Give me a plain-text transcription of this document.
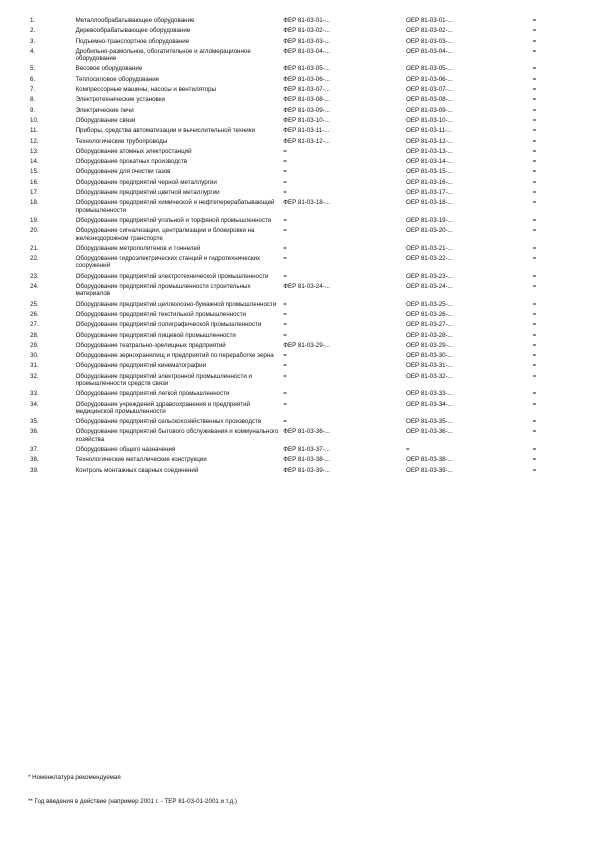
1.	Металлообрабатывающее оборудование	ФЕР 81-03-01-...	ОЕР 81-03-01-...	=
2.	Деревообрабатывающее оборудование	ФЕР 81-03-02-...	ОЕР 81-03-02-...	=
3.	Подъемно-транспортное оборудование	ФЕР 81-03-03-...	ОЕР 81-03-03-...	=
4.	Дробильно-размольное, обогатительное и агломерационное оборудование	ФЕР 81-03-04-...	ОЕР 81-03-04-...	=
5.	Весовое оборудование	ФЕР 81-03-05-...	ОЕР 81-03-05-...	=
6.	Теплосиловое оборудование	ФЕР 81-03-06-...	ОЕР 81-03-06-...	=
7.	Компрессорные машины, насосы и вентиляторы	ФЕР 81-03-07-...	ОЕР 81-03-07-...	=
8.	Электротехнические установки	ФЕР 81-03-08-...	ОЕР 81-03-08-...	=
9.	Электрические печи	ФЕР 81-03-09-...	ОЕР 81-03-09-...	=
10.	Оборудование связи	ФЕР 81-03-10-...	ОЕР 81-03-10-...	=
11.	Приборы, средства автоматизации и вычислительной техники	ФЕР 81-03-11-...	ОЕР 81-03-11-...	=
12.	Технологические трубопроводы	ФЕР 81-03-12-...	ОЕР 81-03-12-...	=
13.	Оборудование атомных электростанций	=	ОЕР 81-03-13-...	=
14.	Оборудование прокатных производств	=	ОЕР 81-03-14-...	=
15.	Оборудование для очистки газов	=	ОЕР 81-03-15-...	=
16.	Оборудование предприятий черной металлургии	=	ОЕР 81-03-16-...	=
17.	Оборудование предприятий цветной металлургии	=	ОЕР 81-03-17-...	=
18.	Оборудование предприятий химической и нефтеперерабатывающей промышленности	ФЕР 81-03-18-...	ОЕР 81-03-18-...	=
19.	Оборудование предприятий угольной и торфяной промышленности	=	ОЕР 81-03-19-...	=
20.	Оборудование сигнализации, централизации и блокировки на железнодорожном транспорте	=	ОЕР 81-03-20-...	=
21.	Оборудование метрополитенов и тоннелей	=	ОЕР 81-03-21-...	=
22.	Оборудование гидроэлектрических станций и гидротехнических сооружений	=	ОЕР 81-03-22-...	=
23.	Оборудование предприятий электротехнической промышленности	=	ОЕР 81-03-23-...	=
24.	Оборудование предприятий промышленности строительных материалов	ФЕР 81-03-24-...	ОЕР 81-03-24-...	=
25.	Оборудование предприятий целлюлозно-бумажной промышленности	=	ОЕР 81-03-25-...	=
26.	Оборудование предприятий текстильной промышленности	=	ОЕР 81-03-26-...	=
27.	Оборудование предприятий полиграфической промышленности	=	ОЕР 81-03-27-...	=
28.	Оборудование предприятий пищевой промышленности	=	ОЕР 81-03-28-...	=
29.	Оборудование театрально-зрелищных предприятий	ФЕР 81-03-29-...	ОЕР 81-03-29-...	=
30.	Оборудование зернохранилищ и предприятий по переработке зерна	=	ОЕР 81-03-30-...	=
31.	Оборудование предприятий кинематографии	=	ОЕР 81-03-31-...	=
32.	Оборудование предприятий электронной промышленности и промышленности средств связи	=	ОЕР 81-03-32-...	=
33.	Оборудование предприятий легкой промышленности	=	ОЕР 81-03-33-...	=
34.	Оборудование учреждений здравоохранения и предприятий медицинской промышленности	=	ОЕР 81-03-34-...	=
35.	Оборудование предприятий сельскохозяйственных производств	=	ОЕР 81-03-35-...	=
36.	Оборудование предприятий бытового обслуживания и коммунального хозяйства	ФЕР 81-03-36-...	ОЕР 81-03-36-...	=
37.	Оборудование общего назначения	ФЕР 81-03-37-...	=	=
38.	Технологические металлические конструкции	ФЕР 81-03-38-...	ОЕР 81-03-38-...	=
39.	Контроль монтажных сварных соединений	ФЕР 81-03-39-...	ОЕР 81-03-39-...	=
* Номенклатура рекомендуемая
** Год введения в действие (например 2001 г. - ТЕР 81-03-01-2001 и т.д.)
